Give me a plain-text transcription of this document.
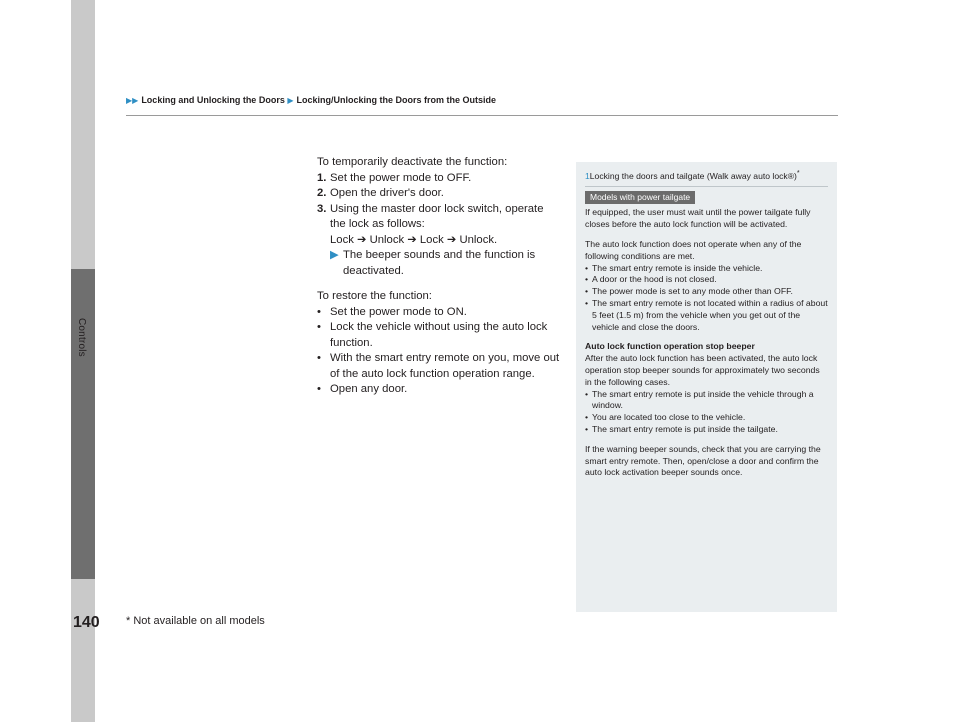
Controls
▶▶ Locking and Unlocking the Doors ▶ Locking/Unlocking the Doors from the Outside

To temporarily deactivate the function:

1. Set the power mode to OFF.
2. Open the driver's door.
3. Using the master door lock switch, operate

the lock as follows:

Lock ➔ Unlock ➔ Lock ➔ Unlock.

▶ The beeper sounds and the function is

deactivated.

To restore the function:

• Set the power mode to ON.
• Lock the vehicle without using the auto lock function.
• With the smart entry remote on you, move out of the auto lock function operation range.
• Open any door.
1Locking the doors and tailgate (Walk away auto lock®)*
Models with power tailgate

If equipped, the user must wait until the power tailgate fully closes before the auto lock function will be activated.

The auto lock function does not operate when any of the following conditions are met.

• The smart entry remote is inside the vehicle.
• A door or the hood is not closed.
• The power mode is set to any mode other than OFF.
• The smart entry remote is not located within a radius of about 5 feet (1.5 m) from the vehicle when you get out of the vehicle and close the doors.

Auto lock function operation stop beeper

After the auto lock function has been activated, the auto lock operation stop beeper sounds for approximately two seconds in the following cases.

• The smart entry remote is put inside the vehicle through a window.
• You are located too close to the vehicle.
• The smart entry remote is put inside the tailgate.

If the warning beeper sounds, check that you are carrying the smart entry remote. Then, open/close a door and confirm the auto lock activation beeper sounds once.

140 * Not available on all models
